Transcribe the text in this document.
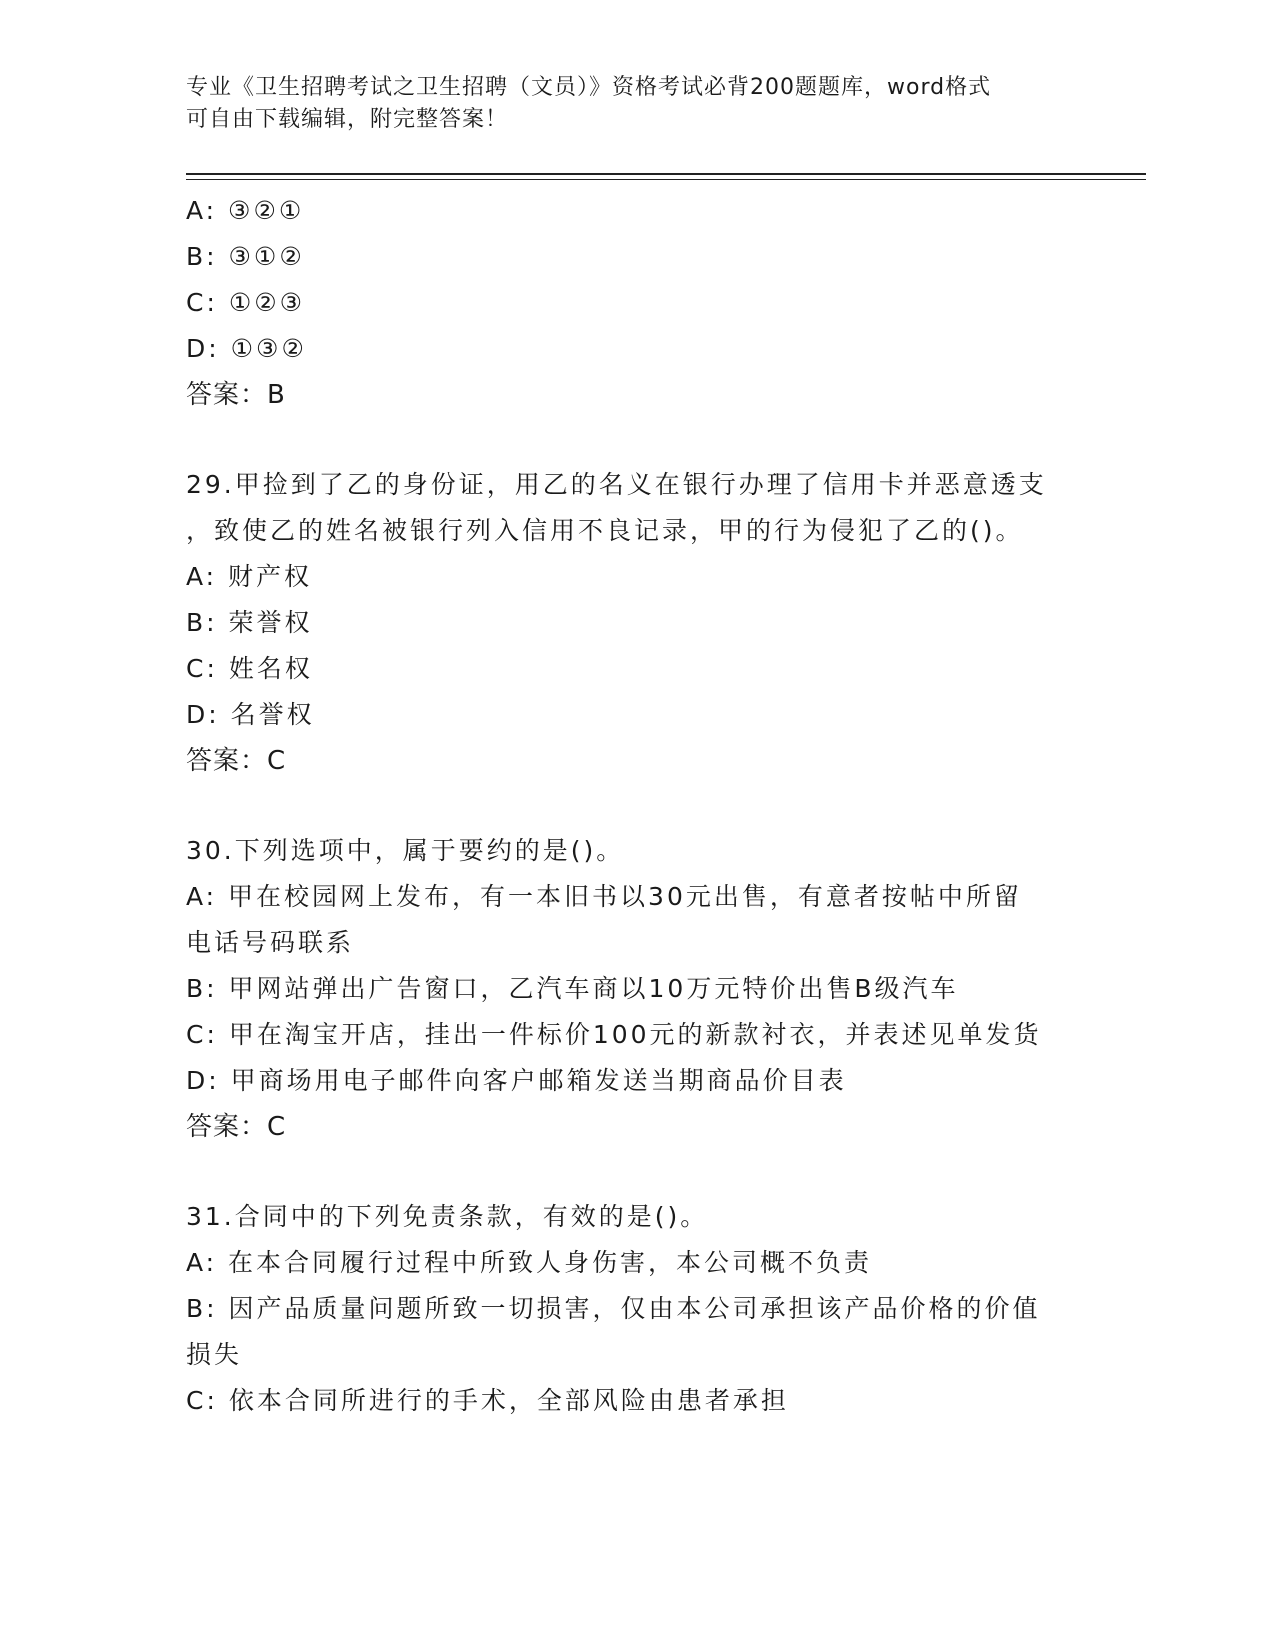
专业《卫生招聘考试之卫生招聘（文员）》资格考试必背200题题库，word格式
可自由下载编辑，附完整答案！
A: ③②①
B: ③①②
C: ①②③
D: ①③②
答案：B
29.甲捡到了乙的身份证，用乙的名义在银行办理了信用卡并恶意透支
，致使乙的姓名被银行列入信用不良记录，甲的行为侵犯了乙的()。
A: 财产权
B: 荣誉权
C: 姓名权
D: 名誉权
答案：C
30.下列选项中，属于要约的是()。
A: 甲在校园网上发布，有一本旧书以30元出售，有意者按帖中所留
电话号码联系
B: 甲网站弹出广告窗口，乙汽车商以10万元特价出售B级汽车
C: 甲在淘宝开店，挂出一件标价100元的新款衬衣，并表述见单发货
D: 甲商场用电子邮件向客户邮箱发送当期商品价目表
答案：C
31.合同中的下列免责条款，有效的是()。
A: 在本合同履行过程中所致人身伤害，本公司概不负责
B: 因产品质量问题所致一切损害，仅由本公司承担该产品价格的价值
损失
C: 依本合同所进行的手术，全部风险由患者承担
